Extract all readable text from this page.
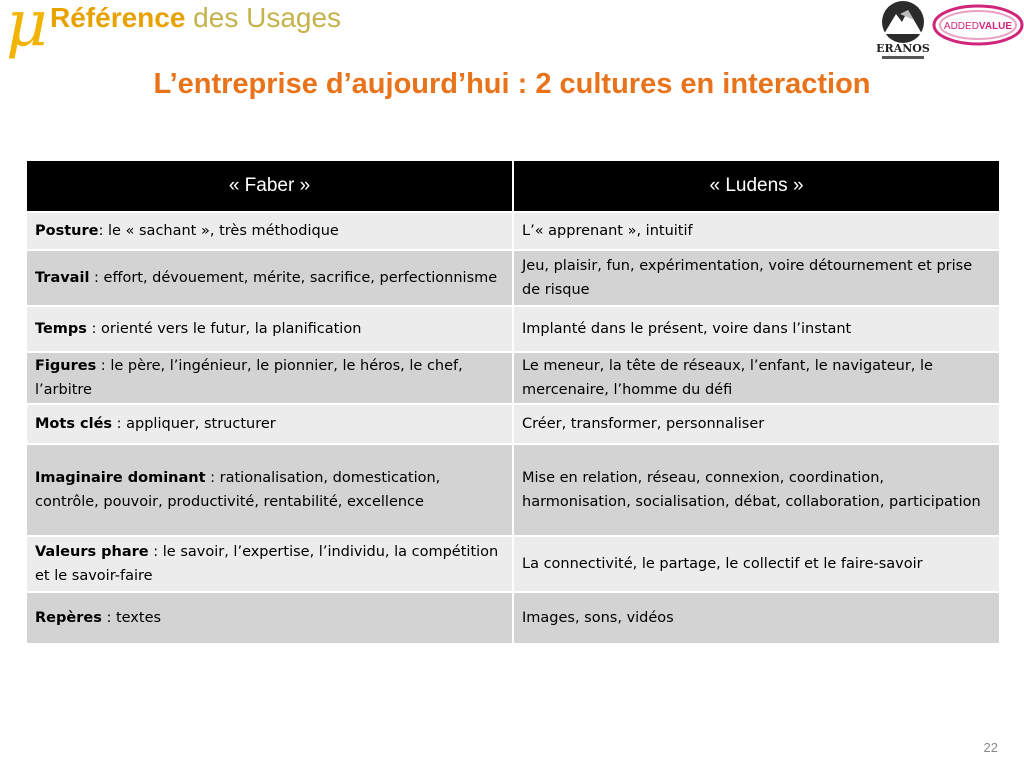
μ Référence des Usages
ERANOS
ADDEDVALUE
L’entreprise d’aujourd’hui : 2 cultures en interaction
« Faber »	« Ludens »
Posture: le « sachant », très méthodique	L’« apprenant », intuitif
Travail : effort, dévouement, mérite, sacrifice, perfectionnisme	Jeu, plaisir, fun, expérimentation, voire détournement et prise de risque
Temps : orienté vers le futur, la planification	Implanté dans le présent, voire dans l’instant
Figures : le père, l’ingénieur, le pionnier, le héros, le chef, l’arbitre	Le meneur, la tête de réseaux, l’enfant, le navigateur, le mercenaire, l’homme du défi
Mots clés : appliquer, structurer	Créer, transformer, personnaliser
Imaginaire dominant : rationalisation, domestication, contrôle, pouvoir, productivité, rentabilité, excellence	Mise en relation, réseau, connexion, coordination, harmonisation, socialisation, débat, collaboration, participation
Valeurs phare : le savoir, l’expertise, l’individu, la compétition et le savoir-faire	La connectivité, le partage, le collectif et le faire-savoir
Repères : textes	Images, sons, vidéos
22
